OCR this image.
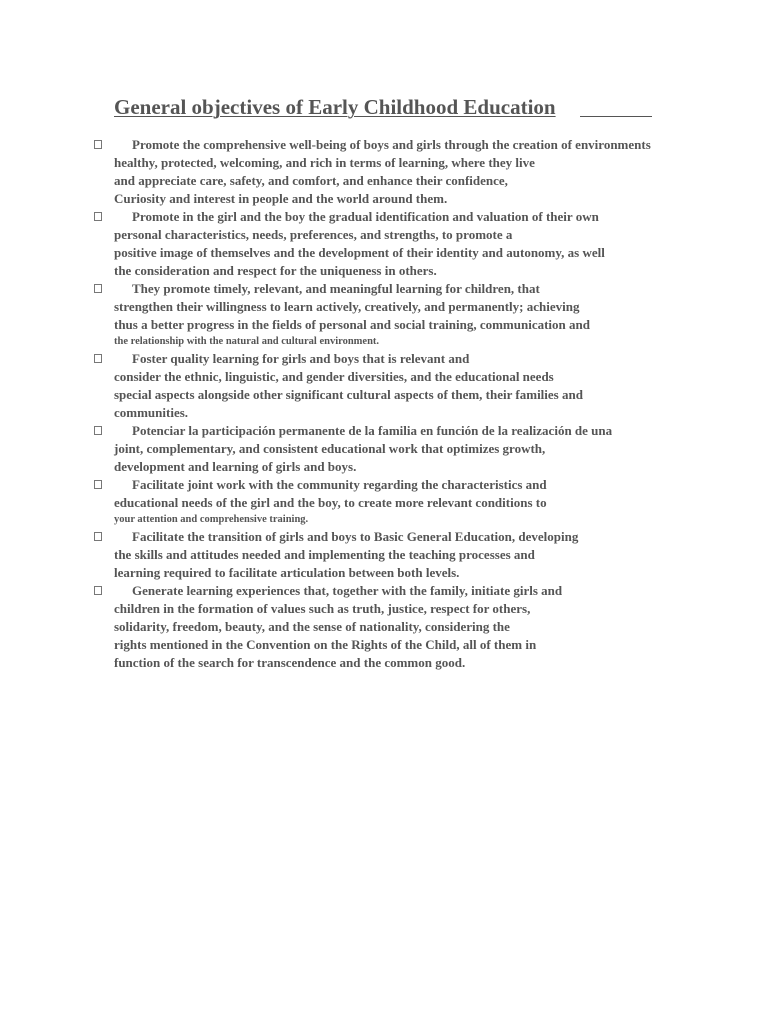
General objectives of Early Childhood Education

Promote the comprehensive well-being of boys and girls through the creation of environments

healthy, protected, welcoming, and rich in terms of learning, where they live

and appreciate care, safety, and comfort, and enhance their confidence,

Curiosity and interest in people and the world around them.

Promote in the girl and the boy the gradual identification and valuation of their own

personal characteristics, needs, preferences, and strengths, to promote a

positive image of themselves and the development of their identity and autonomy, as well

the consideration and respect for the uniqueness in others.

They promote timely, relevant, and meaningful learning for children, that

strengthen their willingness to learn actively, creatively, and permanently; achieving

thus a better progress in the fields of personal and social training, communication and

the relationship with the natural and cultural environment.

Foster quality learning for girls and boys that is relevant and

consider the ethnic, linguistic, and gender diversities, and the educational needs

special aspects alongside other significant cultural aspects of them, their families and

communities.

Potenciar la participación permanente de la familia en función de la realización de una

joint, complementary, and consistent educational work that optimizes growth,

development and learning of girls and boys.

Facilitate joint work with the community regarding the characteristics and

educational needs of the girl and the boy, to create more relevant conditions to

your attention and comprehensive training.

Facilitate the transition of girls and boys to Basic General Education, developing

the skills and attitudes needed and implementing the teaching processes and

learning required to facilitate articulation between both levels.

Generate learning experiences that, together with the family, initiate girls and

children in the formation of values such as truth, justice, respect for others,

solidarity, freedom, beauty, and the sense of nationality, considering the

rights mentioned in the Convention on the Rights of the Child, all of them in

function of the search for transcendence and the common good.
